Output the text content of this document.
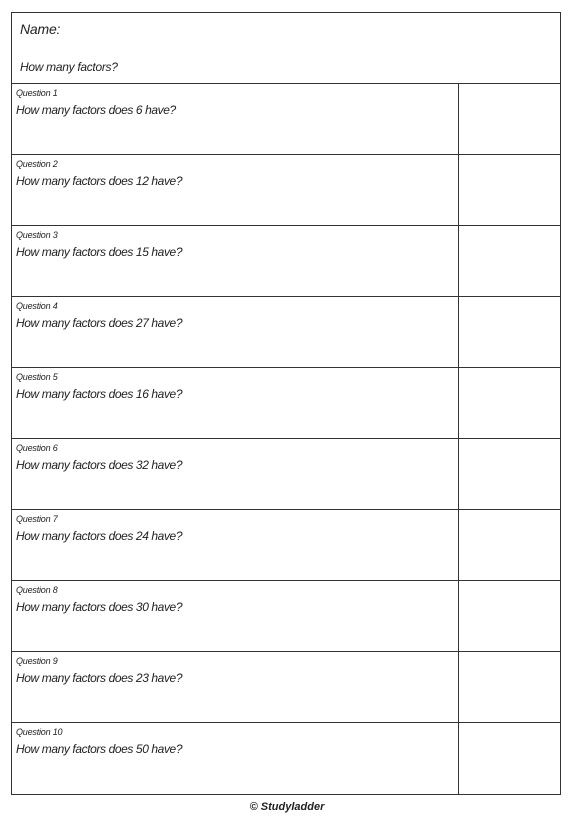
Name:
How many factors?
Question 1
How many factors does 6 have?
Question 2
How many factors does 12 have?
Question 3
How many factors does 15 have?
Question 4
How many factors does 27 have?
Question 5
How many factors does 16 have?
Question 6
How many factors does 32 have?
Question 7
How many factors does 24 have?
Question 8
How many factors does 30 have?
Question 9
How many factors does 23 have?
Question 10
How many factors does 50 have?
© Studyladder
